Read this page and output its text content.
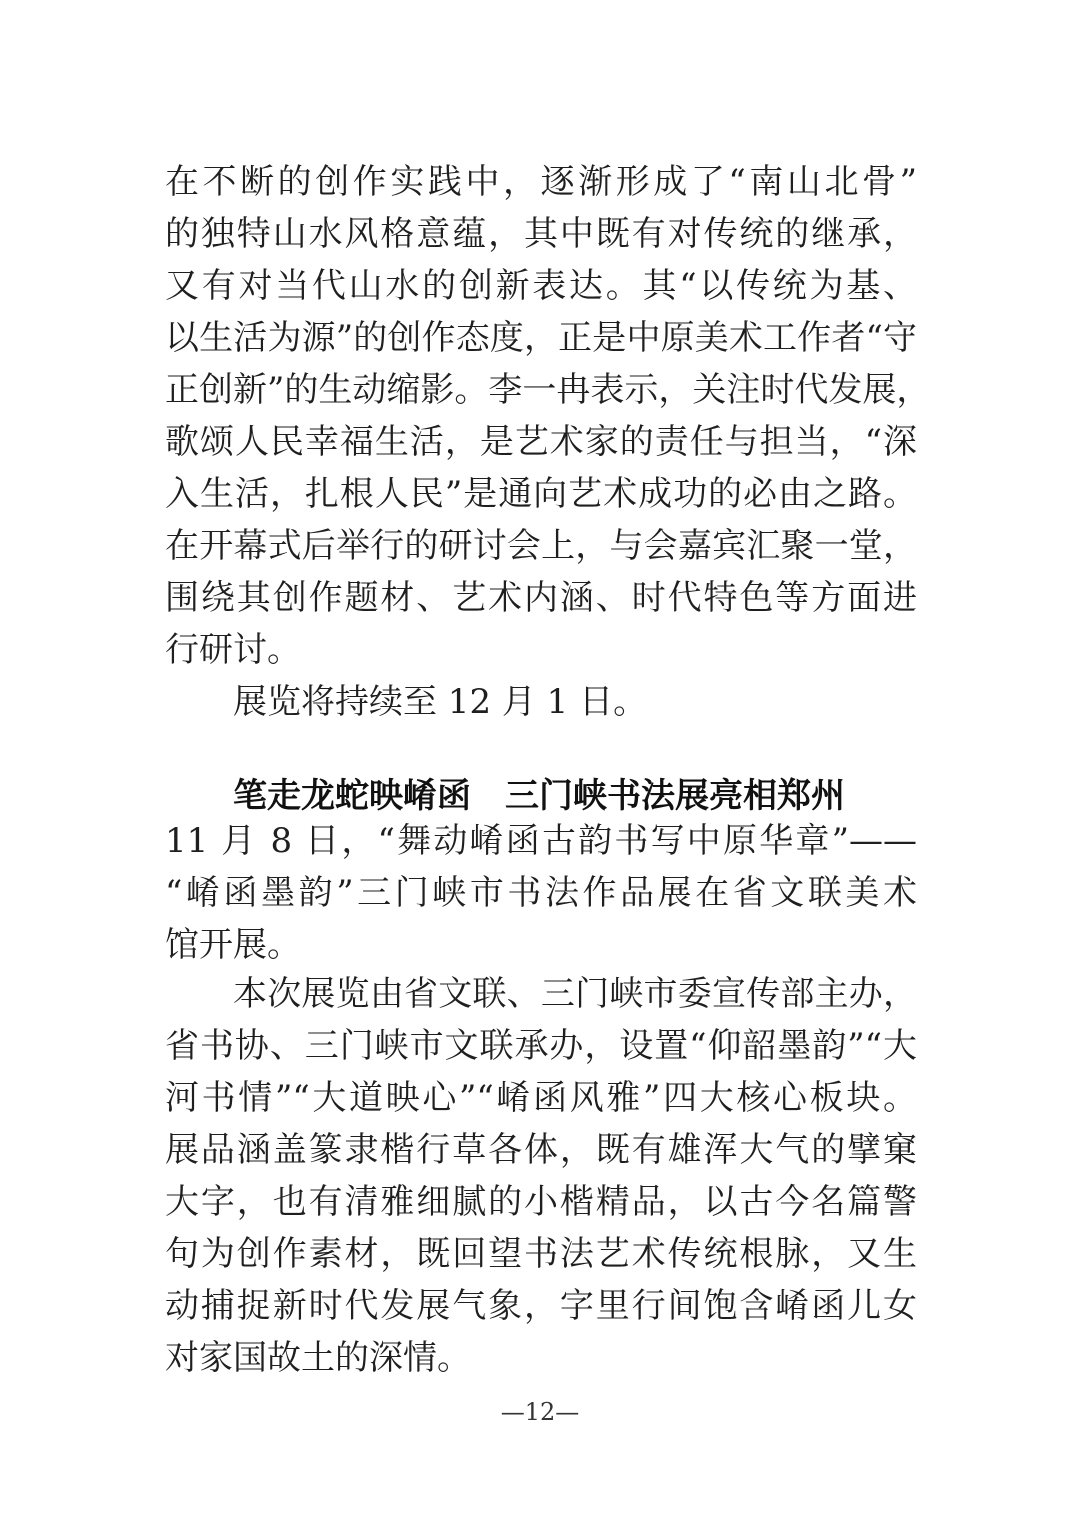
在不断的创作实践中，逐渐形成了“南山北骨”
的独特山水风格意蕴，其中既有对传统的继承，
又有对当代山水的创新表达。其“以传统为基、
以生活为源”的创作态度，正是中原美术工作者“守
正创新”的生动缩影。李一冉表示，关注时代发展，
歌颂人民幸福生活，是艺术家的责任与担当，“深
入生活，扎根人民”是通向艺术成功的必由之路。
在开幕式后举行的研讨会上，与会嘉宾汇聚一堂，
围绕其创作题材、艺术内涵、时代特色等方面进
行研讨。
展览将持续至 12 月 1 日。
笔走龙蛇映崤函　三门峡书法展亮相郑州
11 月 8 日，“舞动崤函古韵书写中原华章”——
“崤函墨韵”三门峡市书法作品展在省文联美术
馆开展。
本次展览由省文联、三门峡市委宣传部主办，
省书协、三门峡市文联承办，设置“仰韶墨韵”“大
河书情”“大道映心”“崤函风雅”四大核心板块。
展品涵盖篆隶楷行草各体，既有雄浑大气的擘窠
大字，也有清雅细腻的小楷精品，以古今名篇警
句为创作素材，既回望书法艺术传统根脉，又生
动捕捉新时代发展气象，字里行间饱含崤函儿女
对家国故土的深情。
—12—
